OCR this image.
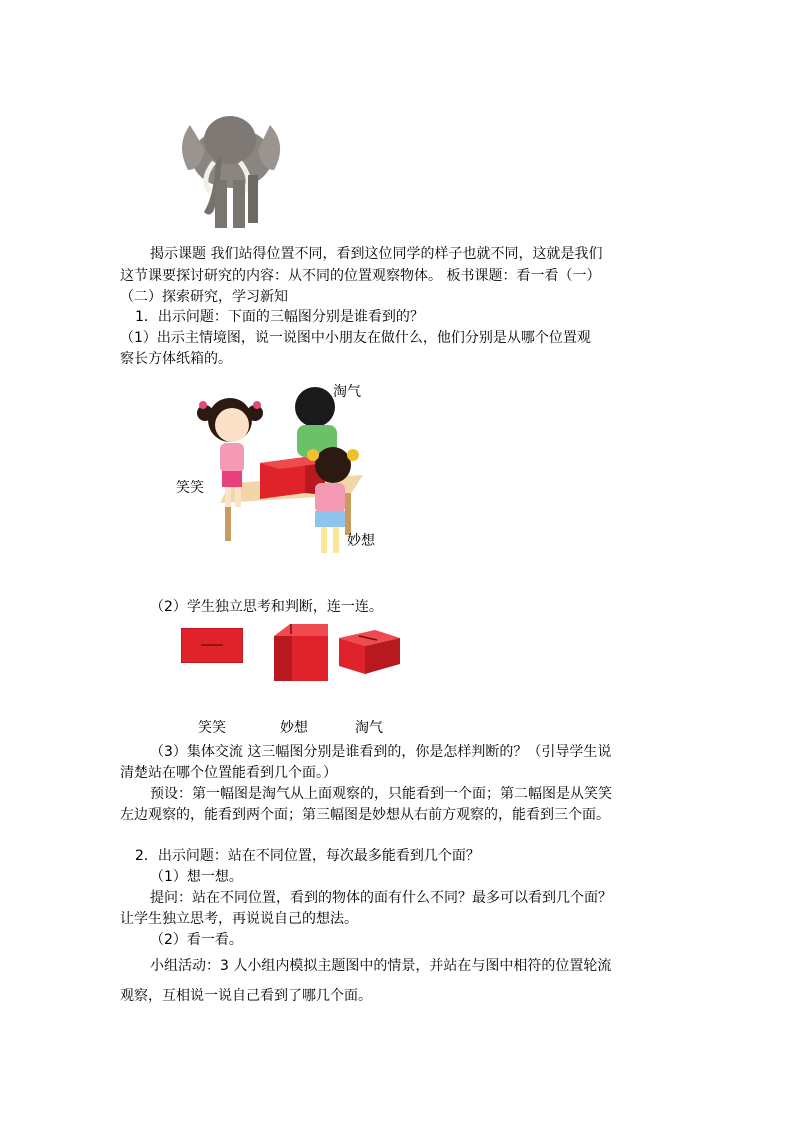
揭示课题 我们站得位置不同，看到这位同学的样子也就不同，这就是我们
这节课要探讨研究的内容：从不同的位置观察物体。 板书课题：看一看（一）
（二）探索研究，学习新知
1．出示问题：下面的三幅图分别是谁看到的？
（1）出示主情境图，说一说图中小朋友在做什么，他们分别是从哪个位置观
察长方体纸箱的。
淘气
笑笑
妙想
（2）学生独立思考和判断，连一连。
笑笑	妙想	淘气
（3）集体交流 这三幅图分别是谁看到的，你是怎样判断的？（引导学生说
清楚站在哪个位置能看到几个面。）
预设：第一幅图是淘气从上面观察的，只能看到一个面；第二幅图是从笑笑
左边观察的，能看到两个面；第三幅图是妙想从右前方观察的，能看到三个面。
2．出示问题：站在不同位置，每次最多能看到几个面？
（1）想一想。
提问：站在不同位置，看到的物体的面有什么不同？最多可以看到几个面？
让学生独立思考，再说说自己的想法。
（2）看一看。
小组活动：3 人小组内模拟主题图中的情景，并站在与图中相符的位置轮流
观察，互相说一说自己看到了哪几个面。
